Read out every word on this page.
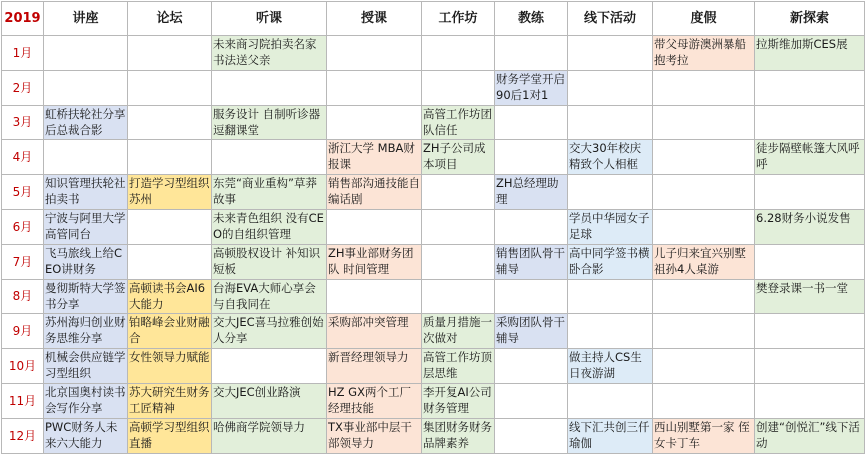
2019	讲座	论坛	听课	授课	工作坊	教练	线下活动	度假	新探索
1月			未来商习院拍卖名家书法送父亲					带父母游澳洲暴船 抱考拉	拉斯维加斯CES展

2月						财务学堂开启90后1对1			

3月	虹桥扶轮社分享后总裁合影		服务设计 自制听诊器逗翻课堂		高管工作坊团队信任				

4月				浙江大学 MBA财报课	ZH子公司成本项目		交大30年校庆精致个人相框		徒步隔壁帐篷大风呼呼

5月	知识管理扶轮社拍卖书	打造学习型组织 苏州	东莞“商业重构”草莽故事	销售部沟通技能自编话剧		ZH总经理助理			

6月	宁波与阿里大学高管同台		未来青色组织 没有CEO的自组织管理				学员中华园女子足球		6.28财务小说发售

7月	飞马旅线上给CEO讲财务		高顿股权设计 补知识短板	ZH事业部财务团队 时间管理		销售团队骨干辅导	高中同学签书横卧合影	儿子归来宜兴别墅 祖孙4人桌游	

8月	曼彻斯特大学签书分享	高顿读书会AI6大能力	台海EVA大师心享会与自我同在						樊登录课一书一堂

9月	苏州海归创业财务思维分享	铂略峰会业财融合	交大JEC喜马拉雅创始人分享	采购部冲突管理	质量月措施一次做对	采购团队骨干辅导			

10月	机械会供应链学习型组织	女性领导力赋能		新晋经理领导力	高管工作坊顶层思维		做主持人CS生日夜游湖		

11月	北京国奥村读书会写作分享	苏大研究生财务工匠精神	交大JEC创业路演	HZ GX两个工厂经理技能	李开复AI公司财务管理				

12月	PWC财务人未来六大能力	高顿学习型组织直播	哈佛商学院领导力	TX事业部中层干部领导力	集团财务财务品牌素养		线下汇共创三仟瑜伽	西山别墅第一家 侄女卡丁车	创建“创悦汇”线下活动
